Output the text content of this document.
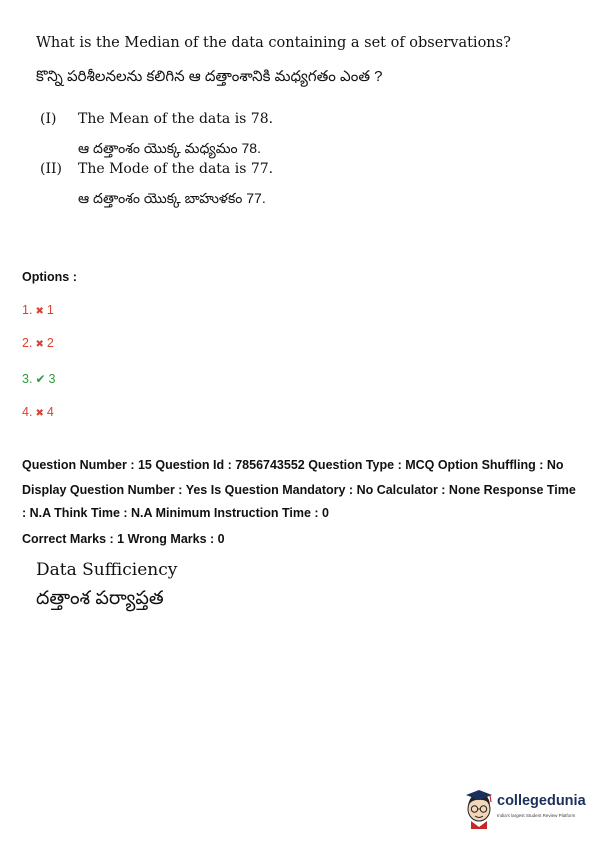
What is the Median of the data containing a set of observations?
కొన్ని పరిశీలనలను కలిగిన ఆ దత్తాంశానికి మధ్యగతం ఎంత ?
(I) The Mean of the data is 78.
ఆ దత్తాంశం యొక్క మధ్యమం 78.
(II) The Mode of the data is 77.
ఆ దత్తాంశం యొక్క బాహుళకం 77.
Options :
1. ✖ 1
2. ✖ 2
3. ✔ 3
4. ✖ 4
Question Number : 15 Question Id : 7856743552 Question Type : MCQ Option Shuffling : No
Display Question Number : Yes Is Question Mandatory : No Calculator : None Response Time
: N.A Think Time : N.A Minimum Instruction Time : 0
Correct Marks : 1 Wrong Marks : 0
Data Sufficiency
దత్తాంశ పర్యాప్తత
collegedunia
India's largest Student Review Platform
